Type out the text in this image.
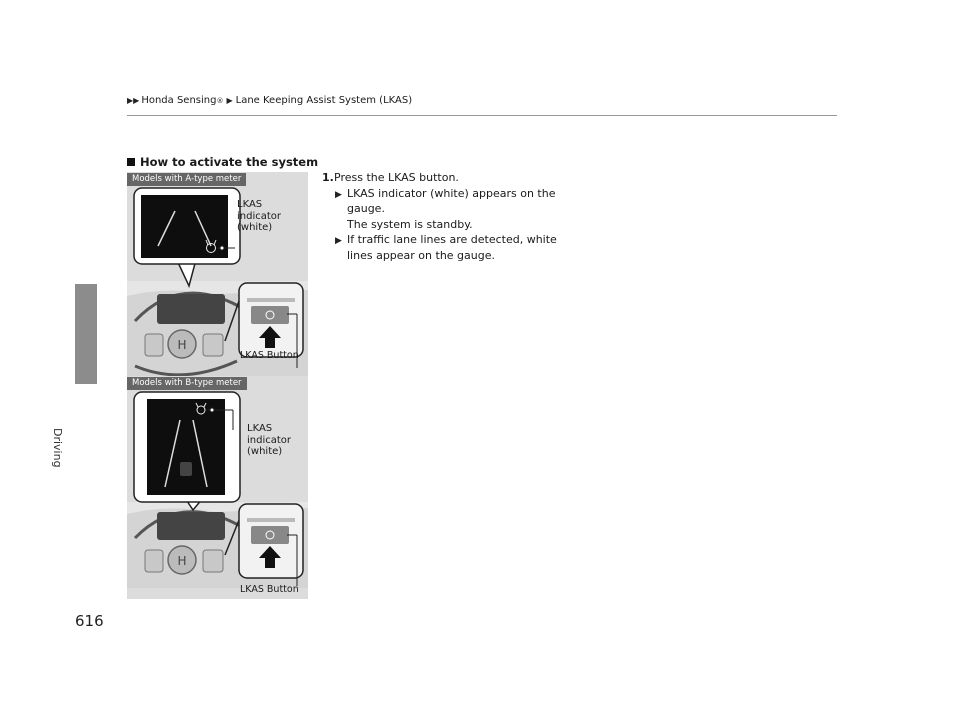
▶▶ Honda Sensing ® ▶ Lane Keeping Assist System (LKAS)
Driving
616
How to activate the system
Models with A-type meter
H
LKAS
indicator
(white)
LKAS Button
Models with B-type meter
H
LKAS
indicator
(white)
LKAS Button
1. Press the LKAS button.
▶ LKAS indicator (white) appears on the
gauge.
The system is standby.
▶ If traffic lane lines are detected, white
lines appear on the gauge.
